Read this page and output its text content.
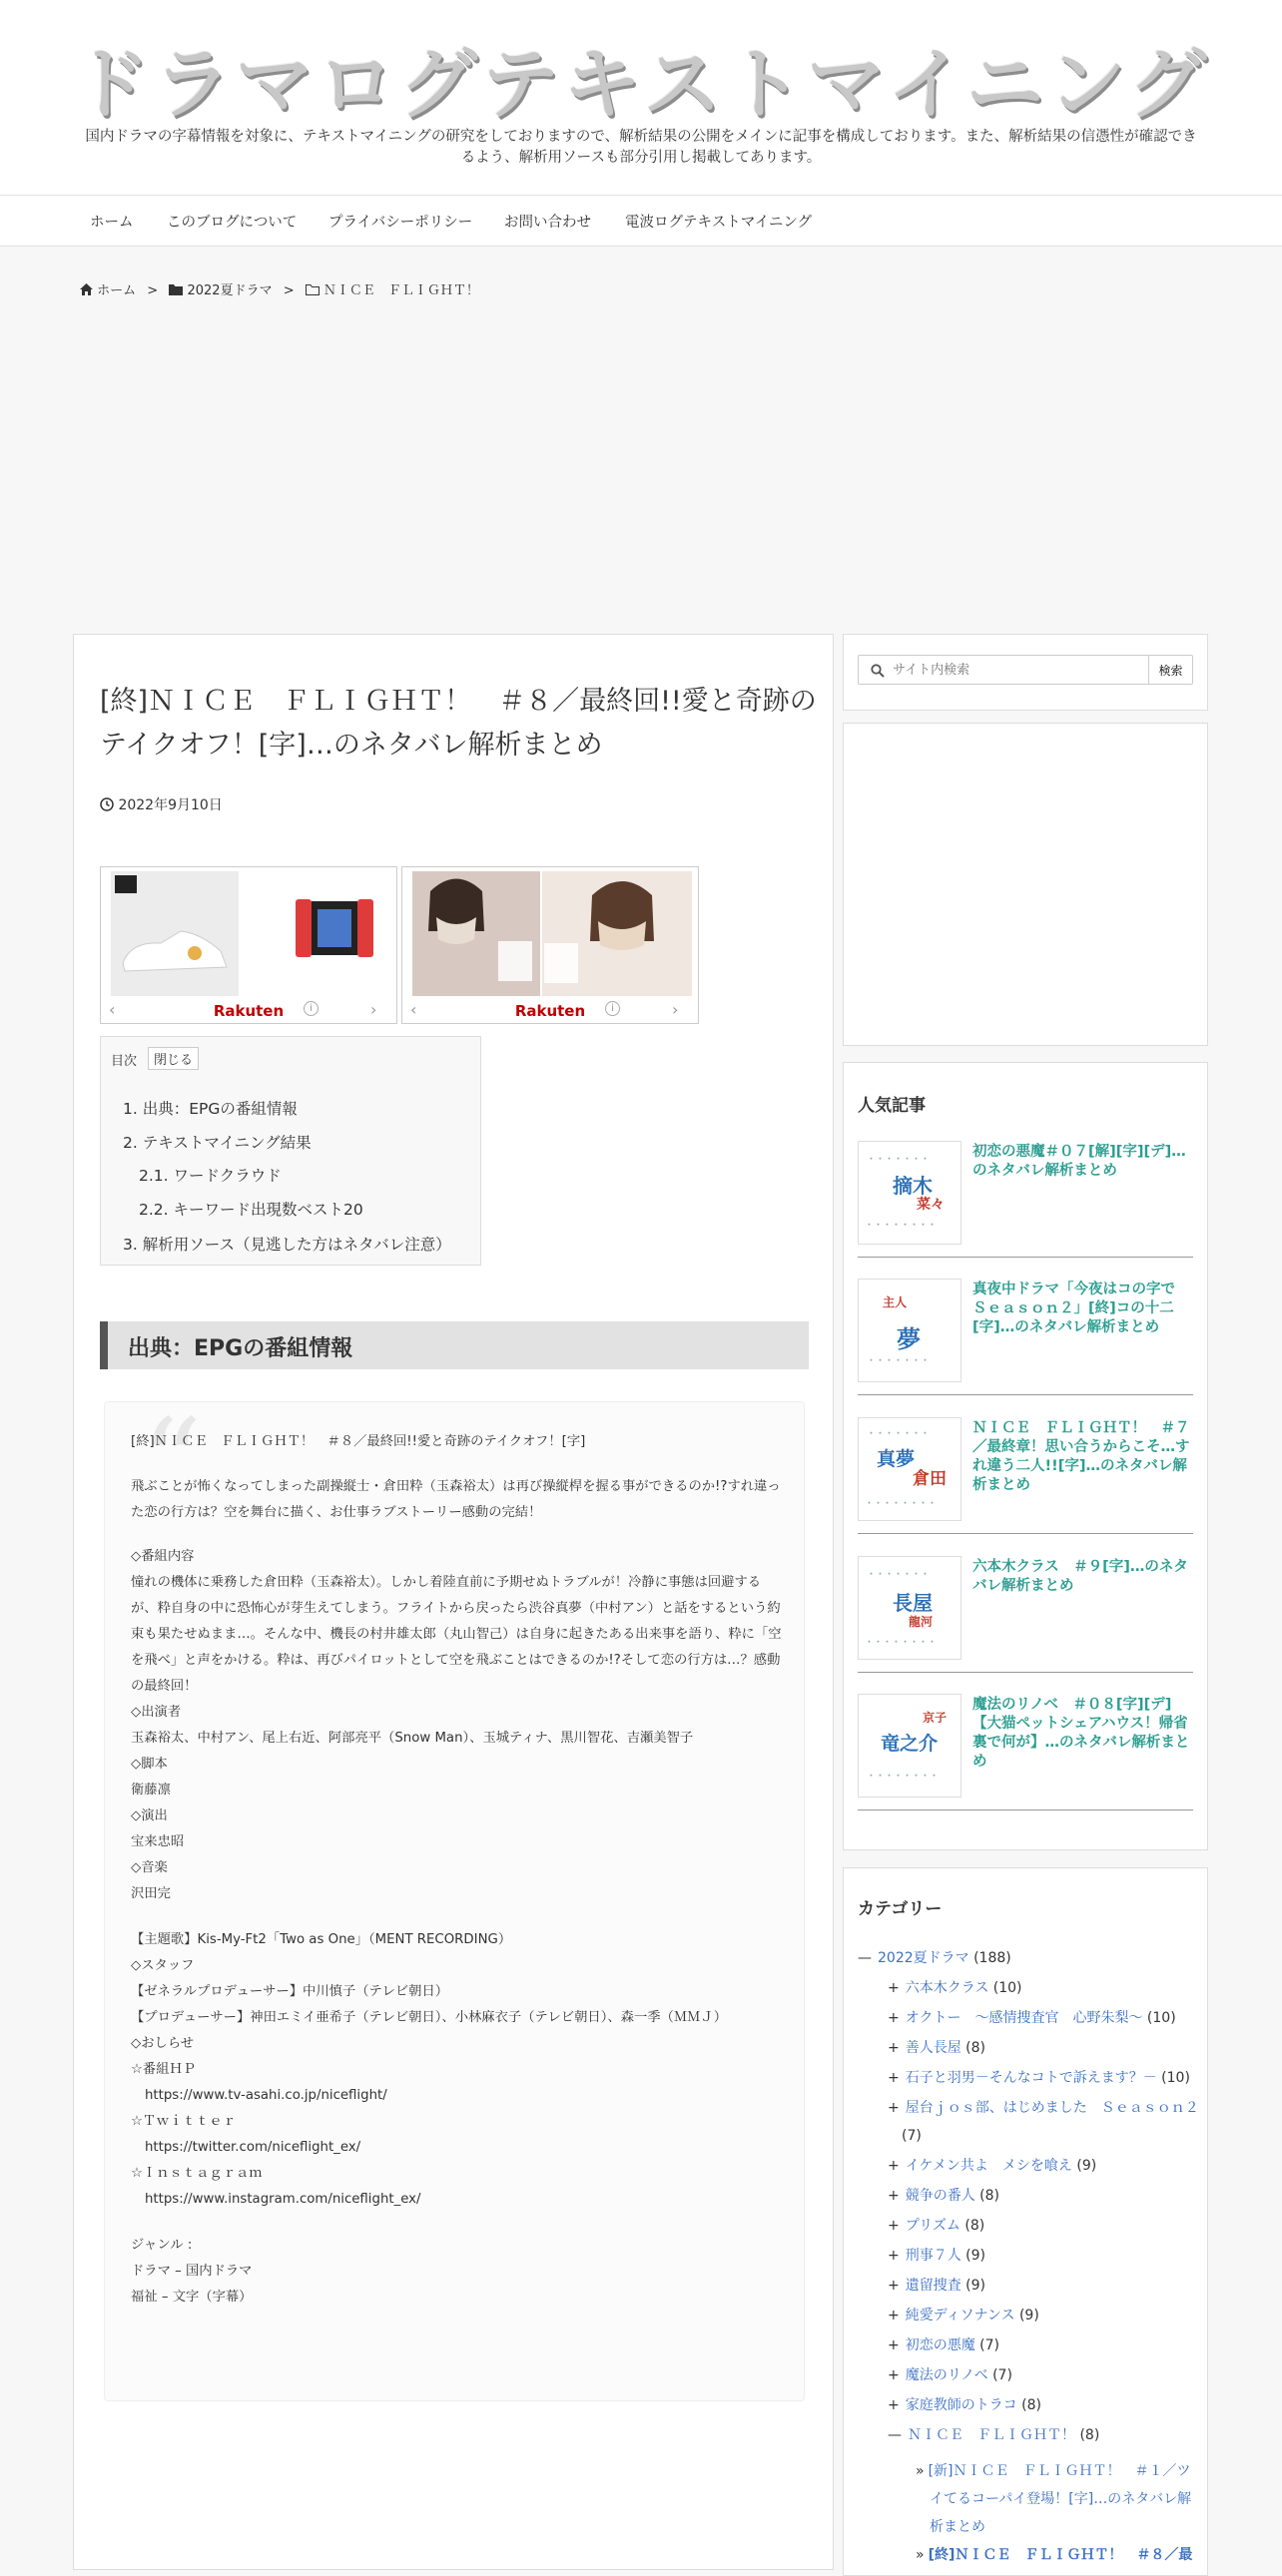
ドラマログテキストマイニング
国内ドラマの字幕情報を対象に、テキストマイニングの研究をしておりますので、解析結果の公開をメインに記事を構成しております。また、解析結果の信憑性が確認できるよう、解析用ソースも部分引用し掲載してあります。
ホーム このブログについて プライバシーポリシー お問い合わせ 電波ログテキストマイニング
ホーム > 2022夏ドラマ > ＮＩＣＥ　ＦＬＩＧＨＴ！
[終]ＮＩＣＥ　ＦＬＩＧＨＴ！　＃８／最終回!!愛と奇跡のテイクオフ！[字]…のネタバレ解析まとめ
2022年9月10日
‹	Rakuten	i	› ‹	Rakuten	i	›
目次	閉じる
1. 出典：EPGの番組情報
2. テキストマイニング結果
2.1. ワードクラウド
2.2. キーワード出現数ベスト20
3. 解析用ソース（見逃した方はネタバレ注意）
出典：EPGの番組情報
“
[終]ＮＩＣＥ　ＦＬＩＧＨＴ！　＃８／最終回!!愛と奇跡のテイクオフ！[字]
飛ぶことが怖くなってしまった副操縦士・倉田粋（玉森裕太）は再び操縦桿を握る事ができるのか!?すれ違った恋の行方は？空を舞台に描く、お仕事ラブストーリー感動の完結！
◇番組内容
憧れの機体に乗務した倉田粋（玉森裕太）。しかし着陸直前に予期せぬトラブルが！冷静に事態は回避するが、粋自身の中に恐怖心が芽生えてしまう。フライトから戻ったら渋谷真夢（中村アン）と話をするという約束も果たせぬまま…。そんな中、機長の村井雄太郎（丸山智己）は自身に起きたある出来事を語り、粋に「空を飛べ」と声をかける。粋は、再びパイロットとして空を飛ぶことはできるのか!?そして恋の行方は…？感動の最終回！
◇出演者
玉森裕太、中村アン、尾上右近、阿部亮平（Snow Man）、玉城ティナ、黒川智花、吉瀬美智子
◇脚本
衛藤凛
◇演出
宝来忠昭
◇音楽
沢田完
【主題歌】Kis-My-Ft2「Two as One」（MENT RECORDING）
◇スタッフ
【ゼネラルプロデューサー】中川慎子（テレビ朝日）
【プロデューサー】神田エミイ亜希子（テレビ朝日）、小林麻衣子（テレビ朝日）、森一季（ＭＭＪ）
◇おしらせ
☆番組ＨＰ
https://www.tv-asahi.co.jp/niceflight/
☆Ｔｗｉｔｔｅｒ
https://twitter.com/niceflight_ex/
☆Ｉｎｓｔａｇｒａｍ
https://www.instagram.com/niceflight_ex/
ジャンル :
ドラマ – 国内ドラマ
福祉 – 文字（字幕）
サイト内検索
検索
人気記事
摘木
菜々
・・・・・・・
・・・・・・・・
初恋の悪魔＃０７[解][字][デ]…のネタバレ解析まとめ
夢
主人
・・・・・・・
真夜中ドラマ「今夜はコの字で　Ｓｅａｓｏｎ２」[終]コの十二[字]…のネタバレ解析まとめ
真夢
倉田
・・・・・・・
・・・・・・・・
ＮＩＣＥ　ＦＬＩＧＨＴ！　＃７／最終章！思い合うからこそ…すれ違う二人!![字]…のネタバレ解析まとめ
長屋
龍河
・・・・・・・
・・・・・・・・
六本木クラス　＃９[字]…のネタバレ解析まとめ
竜之介
京子
・・・・・・・・
魔法のリノベ　＃０８[字][デ]【大猫ペットシェアハウス！帰省裏で何が】…のネタバレ解析まとめ
カテゴリー
— 2022夏ドラマ (188)
+ 六本木クラス (10)
+ オクトー　～感情捜査官　心野朱梨～ (10)
+ 善人長屋 (8)
+ 石子と羽男－そんなコトで訴えます？－ (10)
+ 屋台ｊｏｓ部、はじめました　Ｓｅａｓｏｎ２
(7)
+ イケメン共よ　メシを喰え (9)
+ 競争の番人 (8)
+ プリズム (8)
+ 刑事７人 (9)
+ 遺留捜査 (9)
+ 純愛ディソナンス (9)
+ 初恋の悪魔 (7)
+ 魔法のリノベ (7)
+ 家庭教師のトラコ (8)
— ＮＩＣＥ　ＦＬＩＧＨＴ！ (8)
» [新]ＮＩＣＥ　ＦＬＩＧＨＴ！　＃１／ツ
イてるコーパイ登場！[字]…のネタバレ解
析まとめ
» [終]ＮＩＣＥ　ＦＬＩＧＨＴ！　＃８／最
